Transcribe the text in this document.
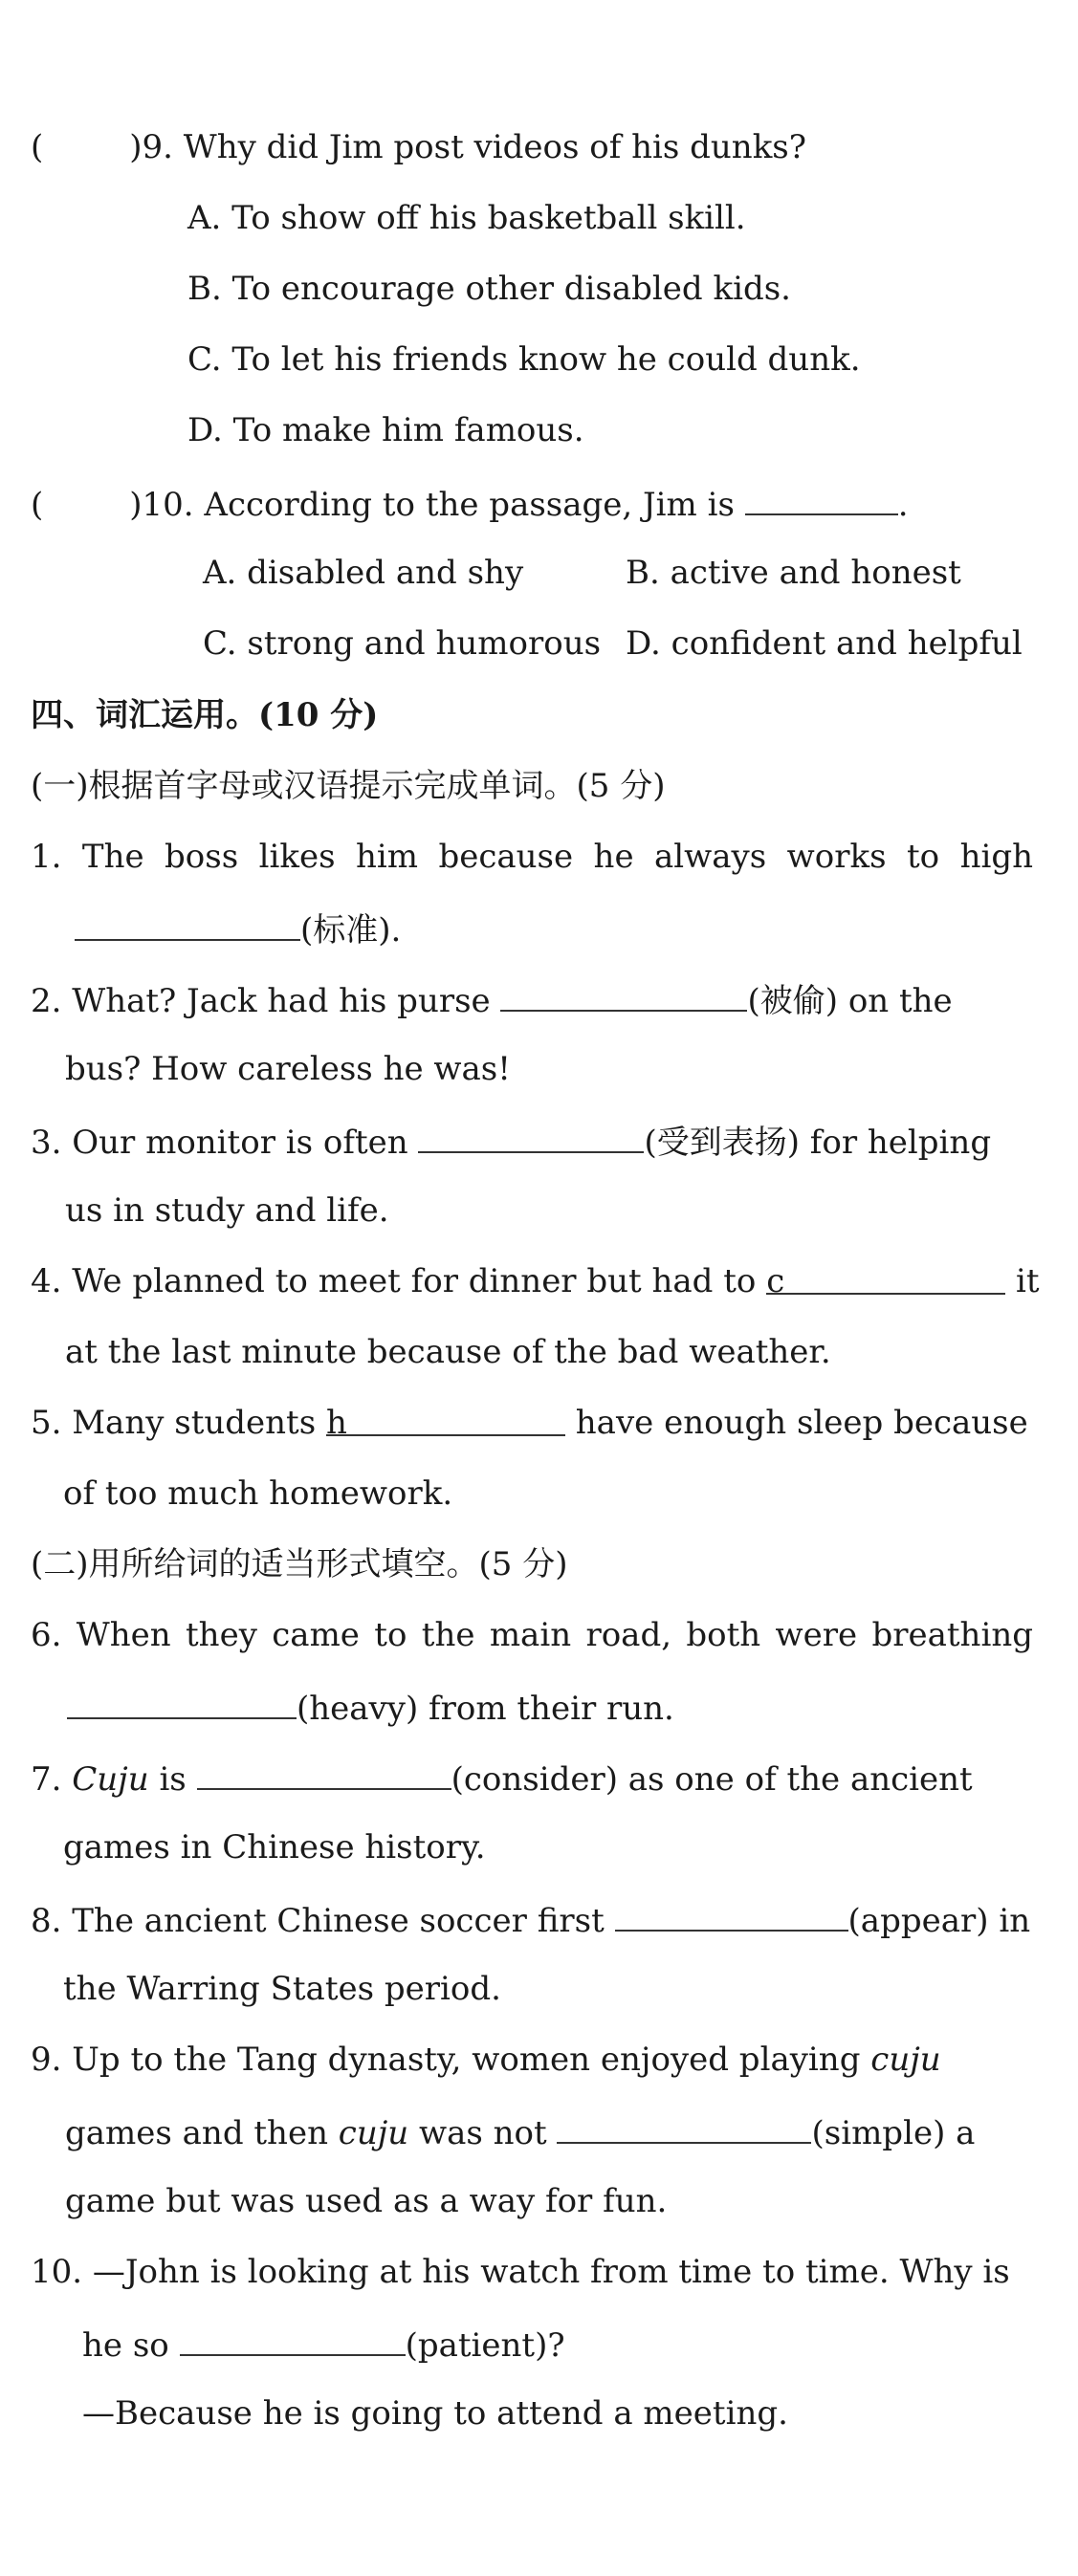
(	)9. Why did Jim post videos of his dunks?
A. To show off his basketball skill.
B. To encourage other disabled kids.
C. To let his friends know he could dunk.
D. To make him famous.
(	)10. According to the passage, Jim is	.
A. disabled and shy	B. active and honest
C. strong and humorous D. confident and helpful
四、词汇运用。(10 分)
(一)根据首字母或汉语提示完成单词。(5 分)
1. The boss likes him because he always works to high
(标准).
2. What? Jack had his purse	(被偷) on the
bus? How careless he was!
3. Our monitor is often	(受到表扬) for helping
us in study and life.
4. We planned to meet for dinner but had to c	it
at the last minute because of the bad weather.
5. Many students h	have enough sleep because
of too much homework.
(二)用所给词的适当形式填空。(5 分)
6. When they came to the main road, both were breathing
(heavy) from their run.
7. Cuju is	(consider) as one of the ancient
games in Chinese history.
8. The ancient Chinese soccer first	(appear) in
the Warring States period.
9. Up to the Tang dynasty, women enjoyed playing cuju
games and then cuju was not	(simple) a
game but was used as a way for fun.
10. —John is looking at his watch from time to time. Why is
he so	(patient)?
—Because he is going to attend a meeting.
